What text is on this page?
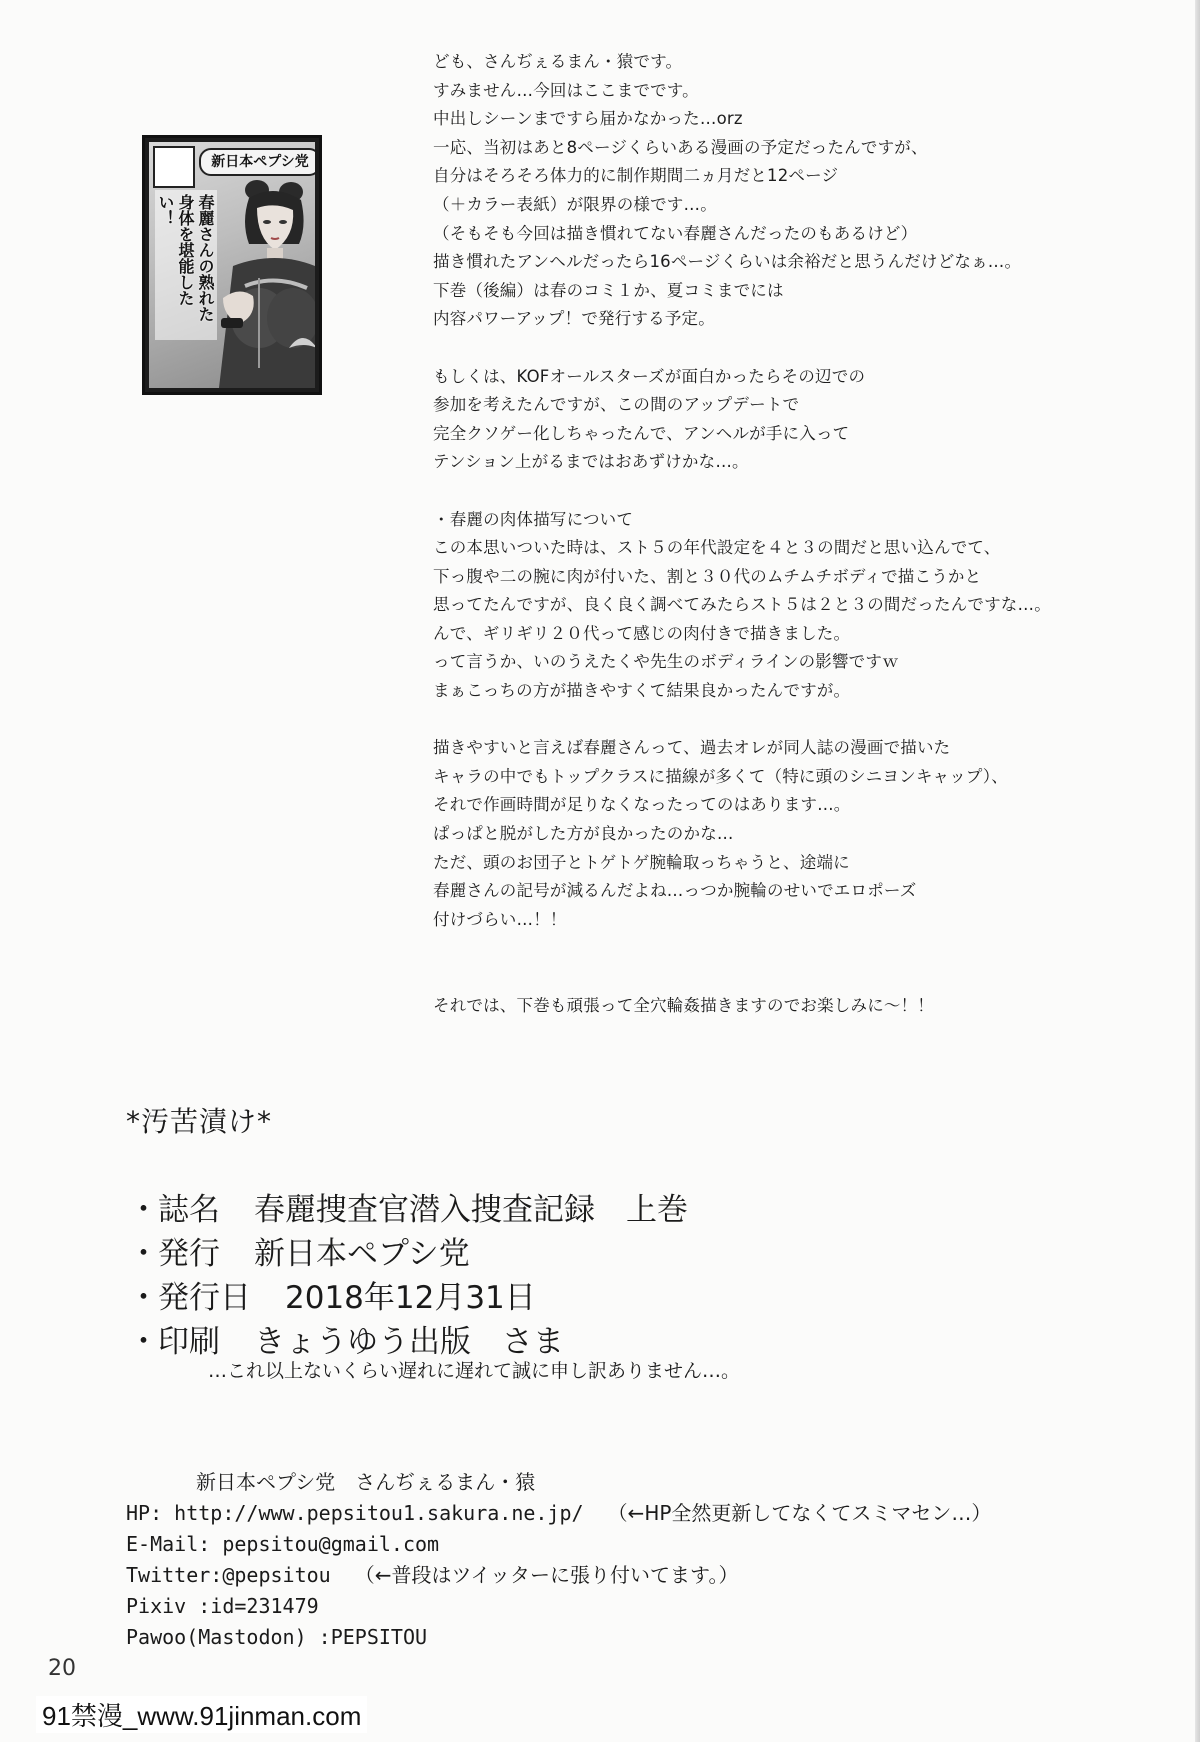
新日本ペプシ党
春麗さんの熟れた身体を堪能したい！
ども、さんぢぇるまん・猿です。
すみません…今回はここまでです。
中出しシーンまですら届かなかった…orz
一応、当初はあと8ページくらいある漫画の予定だったんですが、
自分はそろそろ体力的に制作期間二ヵ月だと12ページ
（＋カラー表紙）が限界の様です…。
（そもそも今回は描き慣れてない春麗さんだったのもあるけど）
描き慣れたアンヘルだったら16ページくらいは余裕だと思うんだけどなぁ…。
下巻（後編）は春のコミ１か、夏コミまでには
内容パワーアップ！で発行する予定。
もしくは、KOFオールスターズが面白かったらその辺での
参加を考えたんですが、この間のアップデートで
完全クソゲー化しちゃったんで、アンヘルが手に入って
テンション上がるまではおあずけかな…。
・春麗の肉体描写について
この本思いついた時は、スト５の年代設定を４と３の間だと思い込んでて、
下っ腹や二の腕に肉が付いた、割と３０代のムチムチボディで描こうかと
思ってたんですが、良く良く調べてみたらスト５は２と３の間だったんですな…。
んで、ギリギリ２０代って感じの肉付きで描きました。
って言うか、いのうえたくや先生のボディラインの影響ですｗ
まぁこっちの方が描きやすくて結果良かったんですが。
描きやすいと言えば春麗さんって、過去オレが同人誌の漫画で描いた
キャラの中でもトップクラスに描線が多くて（特に頭のシニヨンキャップ）、
それで作画時間が足りなくなったってのはあります…。
ぱっぱと脱がした方が良かったのかな…
ただ、頭のお団子とトゲトゲ腕輪取っちゃうと、途端に
春麗さんの記号が減るんだよね…っつか腕輪のせいでエロポーズ
付けづらい…！！
それでは、下巻も頑張って全穴輪姦描きますのでお楽しみに～！！
*汚苦漬け*
・ 誌名 春麗捜査官潜入捜査記録　上巻
・ 発行 新日本ペプシ党
・ 発行日 2018年12月31日
・ 印刷 きょうゆう出版　さま
…これ以上ないくらい遅れに遅れて誠に申し訳ありません…。
新日本ペプシ党　さんぢぇるまん・猿
HP: http://www.pepsitou1.sakura.ne.jp/ （←HP全然更新してなくてスミマセン…）
E-Mail: pepsitou@gmail.com
Twitter:@pepsitou （←普段はツイッターに張り付いてます。）
Pixiv :id=231479
Pawoo(Mastodon) :PEPSITOU
20
91禁漫_www.91jinman.com
